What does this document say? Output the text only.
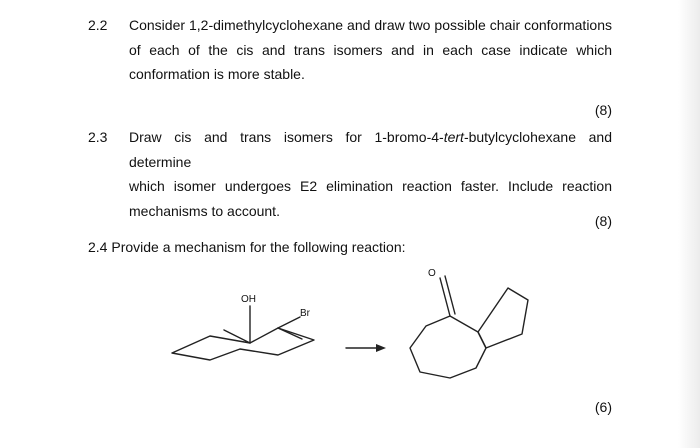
2.2 Consider 1,2-dimethylcyclohexane and draw two possible chair conformations
of each of the cis and trans isomers and in each case indicate which
conformation is more stable.
(8)
2.3 Draw cis and trans isomers for 1-bromo-4-tert-butylcyclohexane and determine
which isomer undergoes E2 elimination reaction faster. Include reaction
mechanisms to account.
(8)
2.4 Provide a mechanism for the following reaction:
OH
Br
O
(6)
